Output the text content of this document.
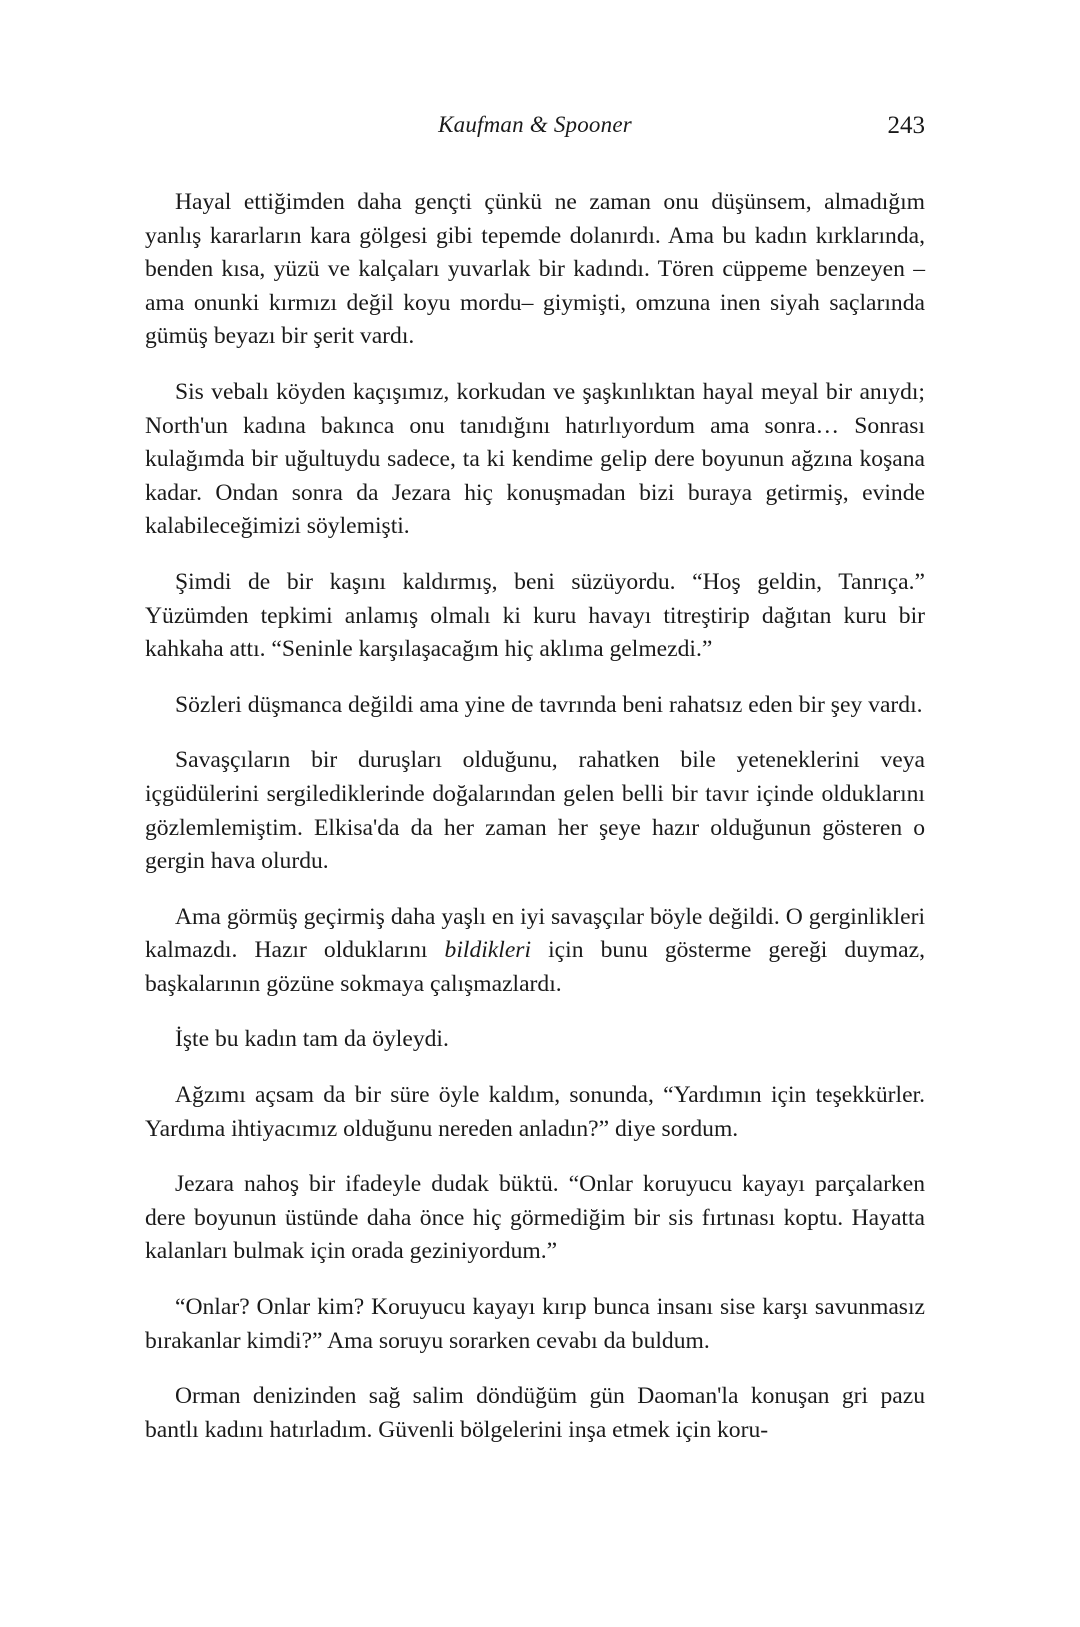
Kaufman & Spooner	243

Hayal ettiğimden daha gençti çünkü ne zaman onu düşünsem, almadığım yanlış kararların kara gölgesi gibi tepemde dolanırdı. Ama bu kadın kırklarında, benden kısa, yüzü ve kalçaları yuvarlak bir kadındı. Tören cüppeme benzeyen –ama onunki kırmızı değil koyu mordu– giymişti, omzuna inen siyah saçlarında gümüş beyazı bir şerit vardı.

Sis vebalı köyden kaçışımız, korkudan ve şaşkınlıktan hayal meyal bir anıydı; North'un kadına bakınca onu tanıdığını hatırlıyordum ama sonra… Sonrası kulağımda bir uğultuydu sadece, ta ki kendime gelip dere boyunun ağzına koşana kadar. Ondan sonra da Jezara hiç konuşmadan bizi buraya getirmiş, evinde kalabileceğimizi söylemişti.

Şimdi de bir kaşını kaldırmış, beni süzüyordu. “Hoş geldin, Tanrıça.” Yüzümden tepkimi anlamış olmalı ki kuru havayı titreştirip dağıtan kuru bir kahkaha attı. “Seninle karşılaşacağım hiç aklıma gelmezdi.”

Sözleri düşmanca değildi ama yine de tavrında beni rahatsız eden bir şey vardı.

Savaşçıların bir duruşları olduğunu, rahatken bile yeteneklerini veya içgüdülerini sergilediklerinde doğalarından gelen belli bir tavır içinde olduklarını gözlemlemiştim. Elkisa'da da her zaman her şeye hazır olduğunun gösteren o gergin hava olurdu.

Ama görmüş geçirmiş daha yaşlı en iyi savaşçılar böyle değildi. O gerginlikleri kalmazdı. Hazır olduklarını bildikleri için bunu gösterme gereği duymaz, başkalarının gözüne sokmaya çalışmazlardı.

İşte bu kadın tam da öyleydi.

Ağzımı açsam da bir süre öyle kaldım, sonunda, “Yardımın için teşekkürler. Yardıma ihtiyacımız olduğunu nereden anladın?” diye sordum.

Jezara nahoş bir ifadeyle dudak büktü. “Onlar koruyucu kayayı parçalarken dere boyunun üstünde daha önce hiç görmediğim bir sis fırtınası koptu. Hayatta kalanları bulmak için orada geziniyordum.”

“Onlar? Onlar kim? Koruyucu kayayı kırıp bunca insanı sise karşı savunmasız bırakanlar kimdi?” Ama soruyu sorarken cevabı da buldum.

Orman denizinden sağ salim döndüğüm gün Daoman'la konuşan gri pazu bantlı kadını hatırladım. Güvenli bölgelerini inşa etmek için koru-
